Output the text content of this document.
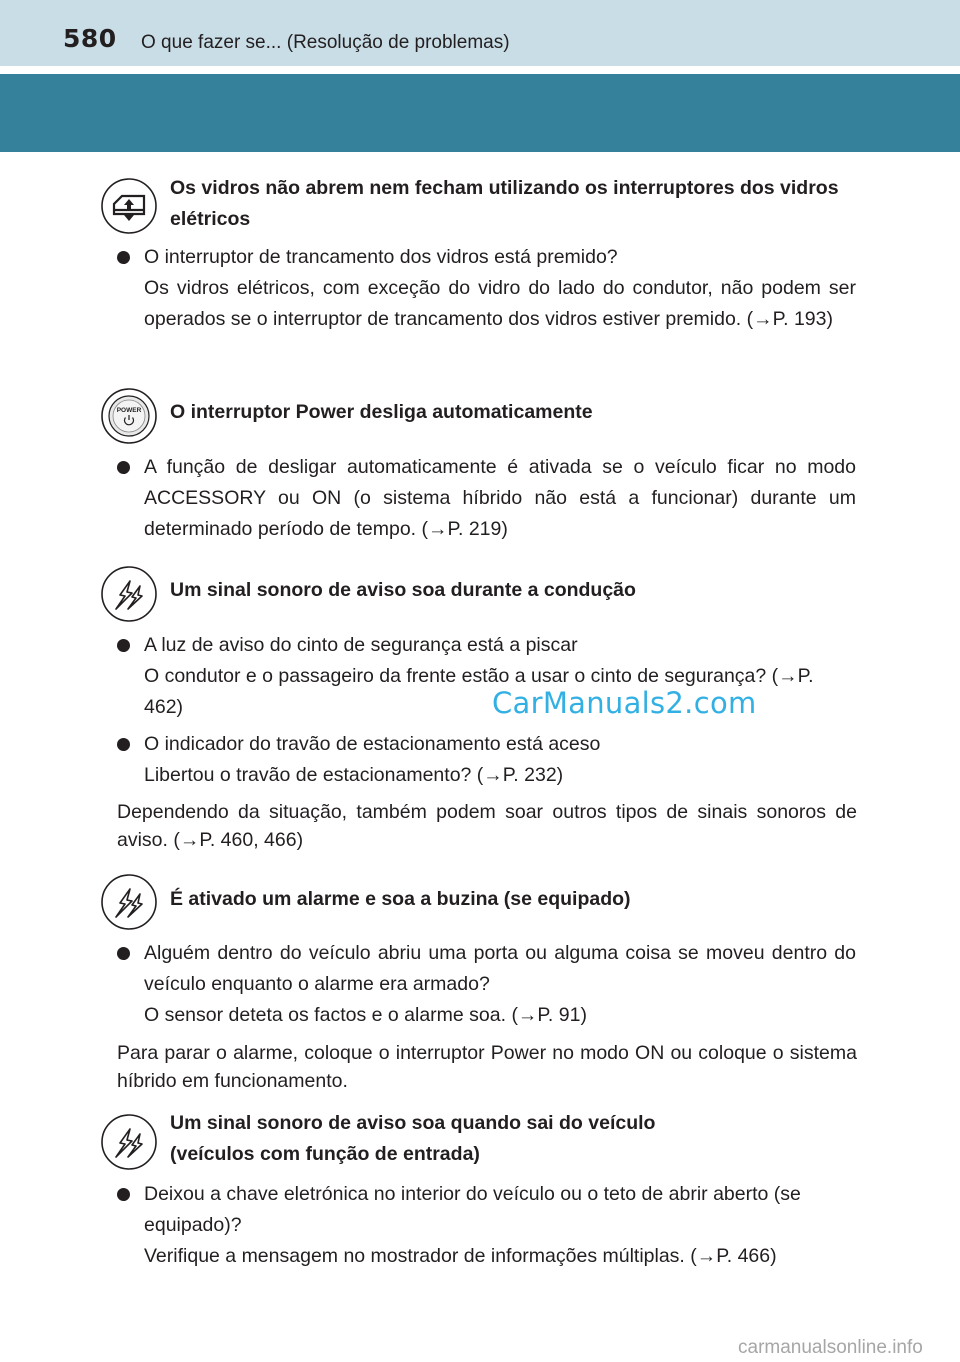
580 O que fazer se... (Resolução de problemas)
Os vidros não abrem nem fecham utilizando os interruptores dos vidros elétricos
O interruptor de trancamento dos vidros está premido?
Os vidros elétricos, com exceção do vidro do lado do condutor, não podem ser operados se o interruptor de trancamento dos vidros estiver premido. (→P. 193)
POWER O interruptor Power desliga automaticamente
A função de desligar automaticamente é ativada se o veículo ficar no modo ACCESSORY ou ON (o sistema híbrido não está a funcionar) durante um determinado período de tempo. (→P. 219)
Um sinal sonoro de aviso soa durante a condução
A luz de aviso do cinto de segurança está a piscar
O condutor e o passageiro da frente estão a usar o cinto de segurança? (→P. 462)
O indicador do travão de estacionamento está aceso
Libertou o travão de estacionamento? (→P. 232)
Dependendo da situação, também podem soar outros tipos de sinais sonoros de aviso. (→P. 460, 466)
É ativado um alarme e soa a buzina (se equipado)
Alguém dentro do veículo abriu uma porta ou alguma coisa se moveu dentro do veículo enquanto o alarme era armado?
O sensor deteta os factos e o alarme soa. (→P. 91)
Para parar o alarme, coloque o interruptor Power no modo ON ou coloque o sistema híbrido em funcionamento.
Um sinal sonoro de aviso soa quando sai do veículo
(veículos com função de entrada)
Deixou a chave eletrónica no interior do veículo ou o teto de abrir aberto (se equipado)?
Verifique a mensagem no mostrador de informações múltiplas. (→P. 466)
CarManuals2.com
carmanualsonline.info
